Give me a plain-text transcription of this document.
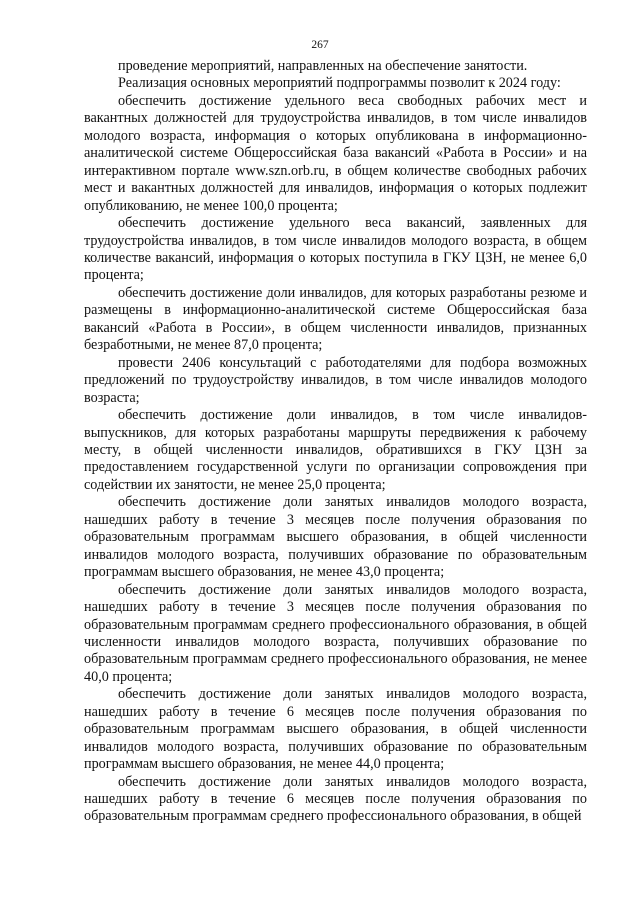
267

проведение мероприятий, направленных на обеспечение занятости.

Реализация основных мероприятий подпрограммы позволит к 2024 году:

обеспечить достижение удельного веса свободных рабочих мест и вакантных должностей для трудоустройства инвалидов, в том числе инвалидов молодого возраста, информация о которых опубликована в информационно-аналитической системе Общероссийская база вакансий «Работа в России» и на интерактивном портале www.szn.orb.ru, в общем количестве свободных рабочих мест и вакантных должностей для инвалидов, информация о которых подлежит опубликованию, не менее 100,0 процента;

обеспечить достижение удельного веса вакансий, заявленных для трудоустройства инвалидов, в том числе инвалидов молодого возраста, в общем количестве вакансий, информация о которых поступила в ГКУ ЦЗН, не менее 6,0 процента;

обеспечить достижение доли инвалидов, для которых разработаны резюме и размещены в информационно-аналитической системе Общероссийская база вакансий «Работа в России», в общем численности инвалидов, признанных безработными, не менее 87,0 процента;

провести 2406 консультаций с работодателями для подбора возможных предложений по трудоустройству инвалидов, в том числе инвалидов молодого возраста;

обеспечить достижение доли инвалидов, в том числе инвалидов-выпускников, для которых разработаны маршруты передвижения к рабочему месту, в общей численности инвалидов, обратившихся в ГКУ ЦЗН за предоставлением государственной услуги по организации сопровождения при содействии их занятости, не менее 25,0 процента;

обеспечить достижение доли занятых инвалидов молодого возраста, нашедших работу в течение 3 месяцев после получения образования по образовательным программам высшего образования, в общей численности инвалидов молодого возраста, получивших образование по образовательным программам высшего образования, не менее 43,0 процента;

обеспечить достижение доли занятых инвалидов молодого возраста, нашедших работу в течение 3 месяцев после получения образования по образовательным программам среднего профессионального образования, в общей численности инвалидов молодого возраста, получивших образование по образовательным программам среднего профессионального образования, не менее 40,0 процента;

обеспечить достижение доли занятых инвалидов молодого возраста, нашедших работу в течение 6 месяцев после получения образования по образовательным программам высшего образования, в общей численности инвалидов молодого возраста, получивших образование по образовательным программам высшего образования, не менее 44,0 процента;

обеспечить достижение доли занятых инвалидов молодого возраста, нашедших работу в течение 6 месяцев после получения образования по образовательным программам среднего профессионального образования, в общей
